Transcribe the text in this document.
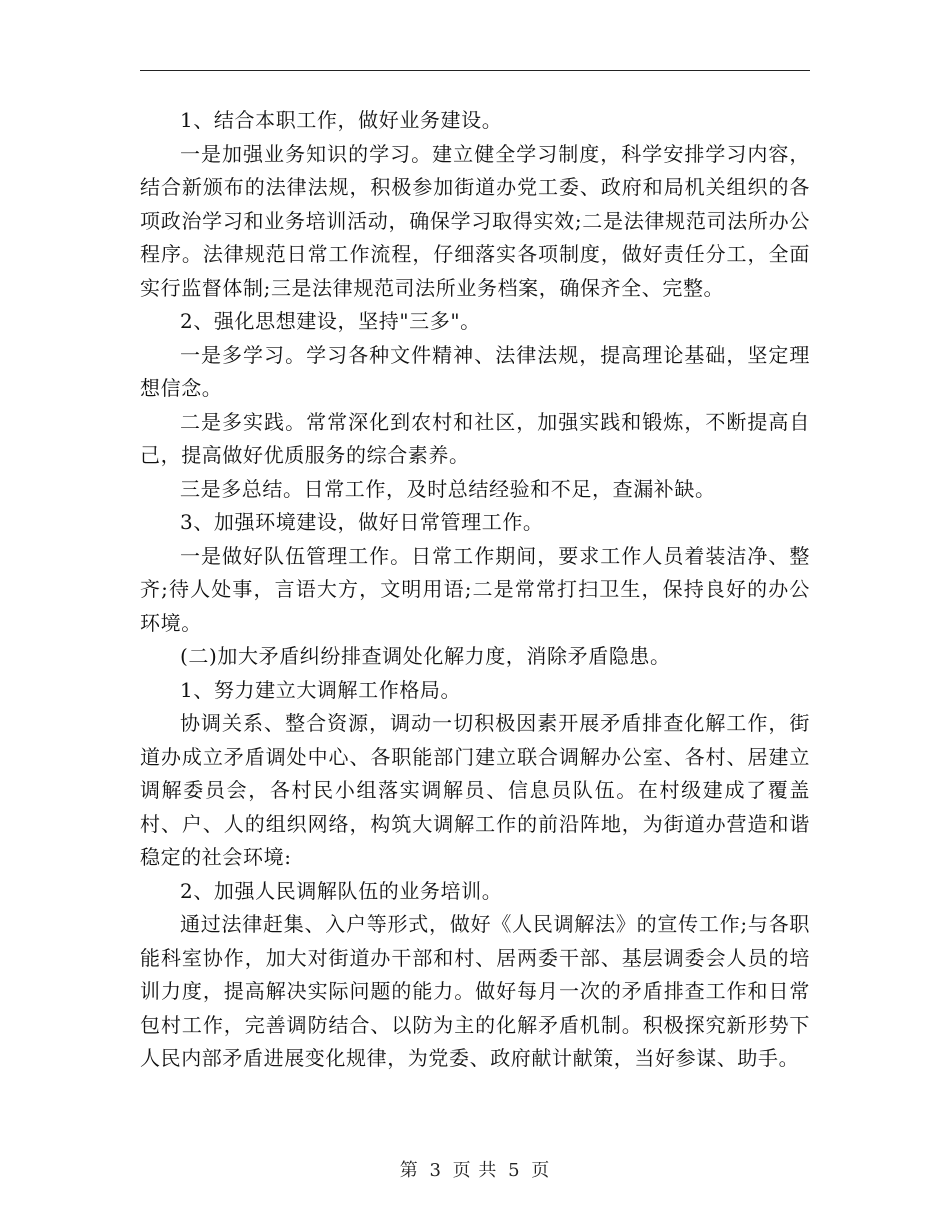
1、结合本职工作，做好业务建设。

一是加强业务知识的学习。建立健全学习制度，科学安排学习内容，结合新颁布的法律法规，积极参加街道办党工委、政府和局机关组织的各项政治学习和业务培训活动，确保学习取得实效;二是法律规范司法所办公程序。法律规范日常工作流程，仔细落实各项制度，做好责任分工，全面实行监督体制;三是法律规范司法所业务档案，确保齐全、完整。

2、强化思想建设，坚持"三多"。

一是多学习。学习各种文件精神、法律法规，提高理论基础，坚定理想信念。

二是多实践。常常深化到农村和社区，加强实践和锻炼，不断提高自己，提高做好优质服务的综合素养。

三是多总结。日常工作，及时总结经验和不足，查漏补缺。

3、加强环境建设，做好日常管理工作。

一是做好队伍管理工作。日常工作期间，要求工作人员着装洁净、整齐;待人处事，言语大方，文明用语;二是常常打扫卫生，保持良好的办公环境。

(二)加大矛盾纠纷排查调处化解力度，消除矛盾隐患。

1、努力建立大调解工作格局。

协调关系、整合资源，调动一切积极因素开展矛盾排查化解工作，街道办成立矛盾调处中心、各职能部门建立联合调解办公室、各村、居建立调解委员会，各村民小组落实调解员、信息员队伍。在村级建成了覆盖村、户、人的组织网络，构筑大调解工作的前沿阵地，为街道办营造和谐稳定的社会环境:

2、加强人民调解队伍的业务培训。

通过法律赶集、入户等形式，做好《人民调解法》的宣传工作;与各职能科室协作，加大对街道办干部和村、居两委干部、基层调委会人员的培训力度，提高解决实际问题的能力。做好每月一次的矛盾排查工作和日常包村工作，完善调防结合、以防为主的化解矛盾机制。积极探究新形势下人民内部矛盾进展变化规律，为党委、政府献计献策，当好参谋、助手。

第 3 页 共 5 页
